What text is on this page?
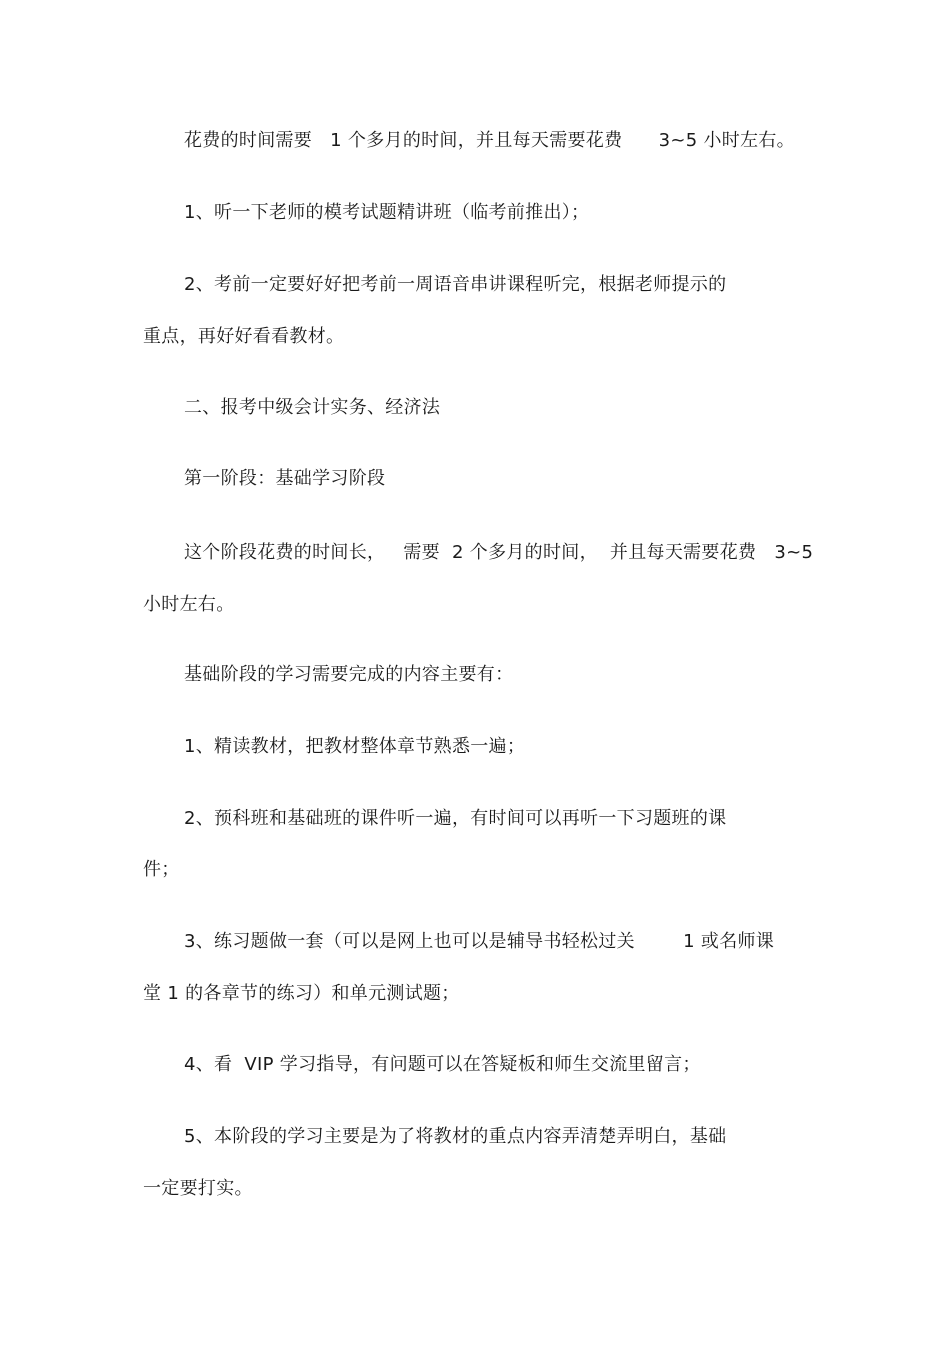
花费的时间需要   1 个多月的时间，并且每天需要花费      3~5 小时左右。
1、听一下老师的模考试题精讲班（临考前推出）；
2、考前一定要好好把考前一周语音串讲课程听完，根据老师提示的
重点，再好好看看教材。
二、报考中级会计实务、经济法
第一阶段：基础学习阶段
这个阶段花费的时间长，   需要  2 个多月的时间，  并且每天需要花费   3~5
小时左右。
基础阶段的学习需要完成的内容主要有：
1、精读教材，把教材整体章节熟悉一遍；
2、预科班和基础班的课件听一遍，有时间可以再听一下习题班的课
件；
3、练习题做一套（可以是网上也可以是辅导书轻松过关        1 或名师课
堂 1 的各章节的练习）和单元测试题；
4、看  VIP 学习指导，有问题可以在答疑板和师生交流里留言；
5、本阶段的学习主要是为了将教材的重点内容弄清楚弄明白，基础
一定要打实。
